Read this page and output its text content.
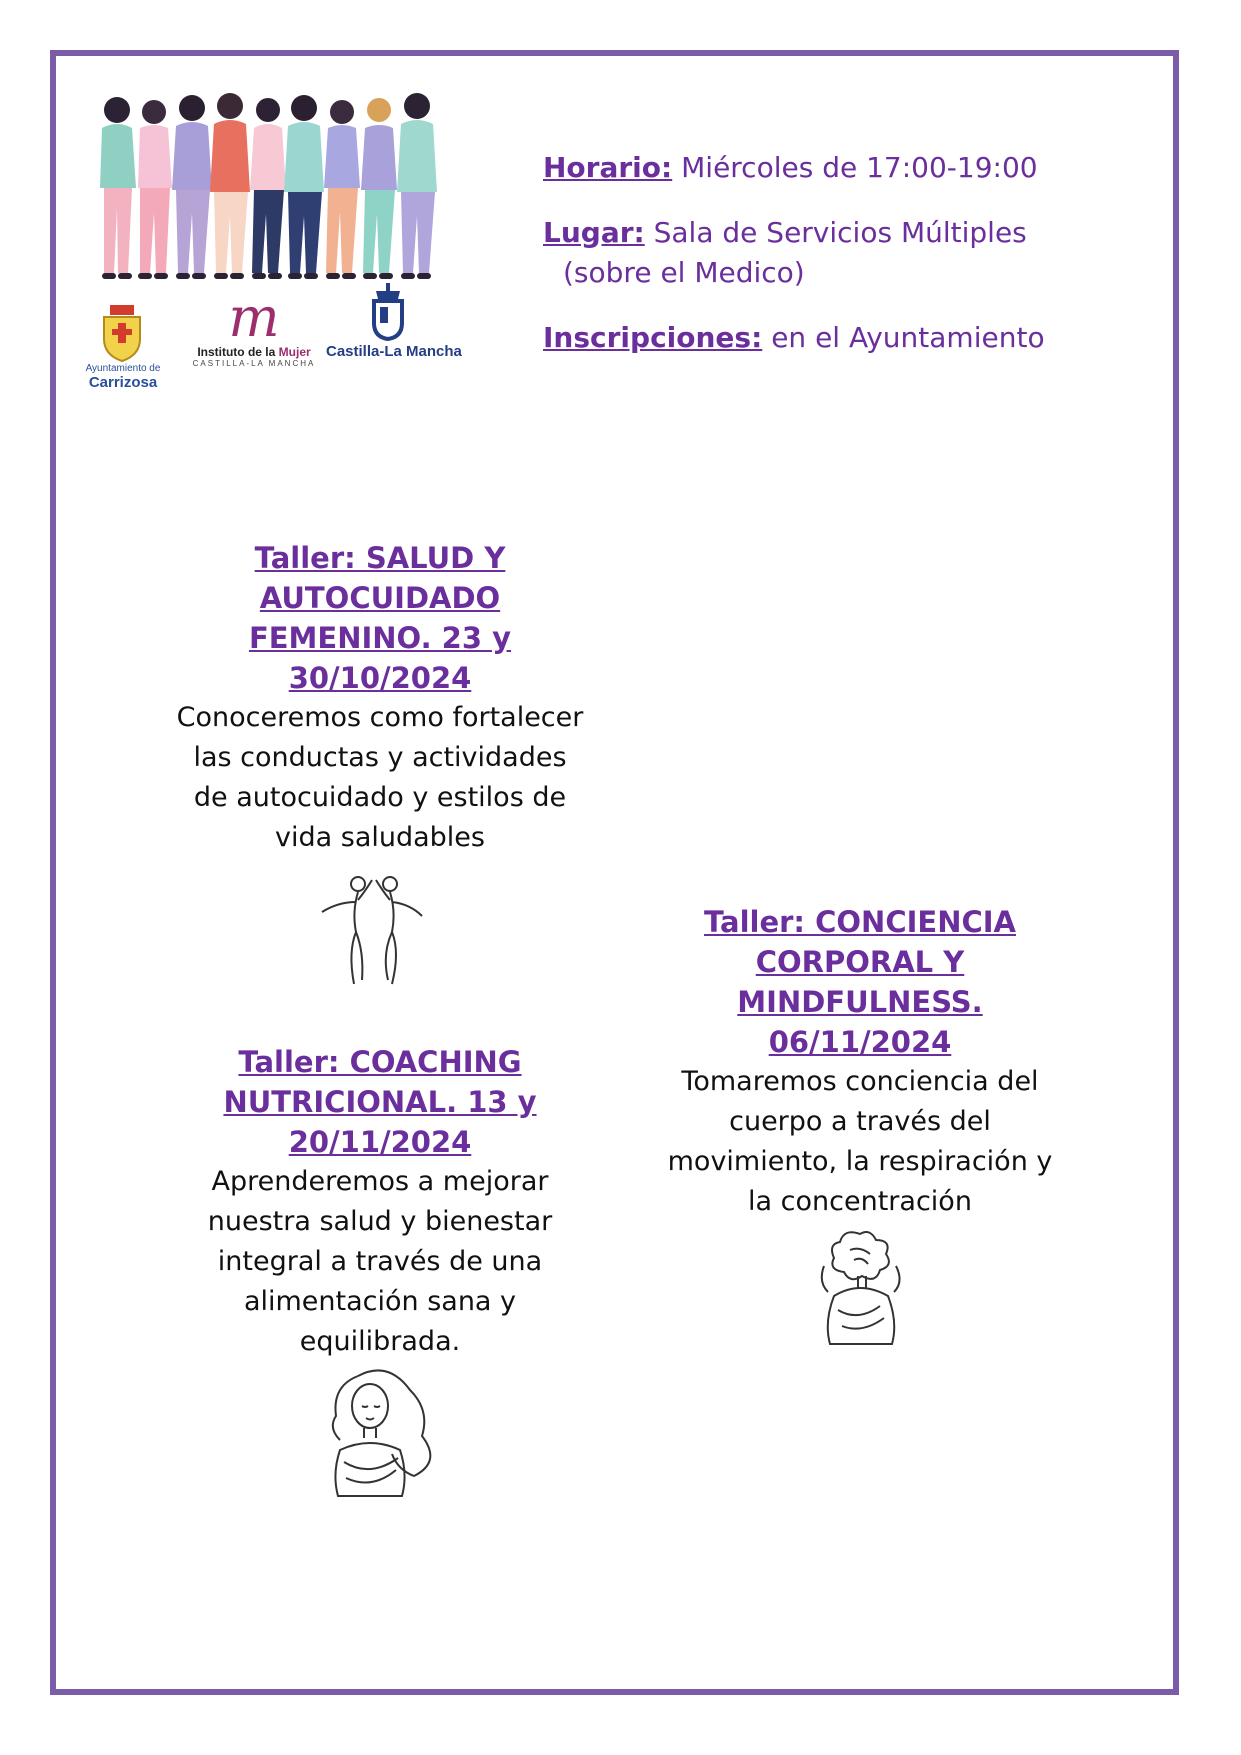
Ayuntamiento de
Carrizosa
m
Instituto de la Mujer
CASTILLA-LA MANCHA
Castilla-La Mancha

Horario: Miércoles de 17:00-19:00

Lugar: Sala de Servicios Múltiples
(sobre el Medico)

Inscripciones: en el Ayuntamiento

Taller: SALUD Y
AUTOCUIDADO
FEMENINO. 23 y
30/10/2024

Conoceremos como fortalecer
las conductas y actividades
de autocuidado y estilos de
vida saludables

Taller: CONCIENCIA
CORPORAL Y
MINDFULNESS.
06/11/2024

Tomaremos conciencia del
cuerpo a través del
movimiento, la respiración y
la concentración

Taller: COACHING
NUTRICIONAL. 13 y
20/11/2024

Aprenderemos a mejorar
nuestra salud y bienestar
integral a través de una
alimentación sana y
equilibrada.
